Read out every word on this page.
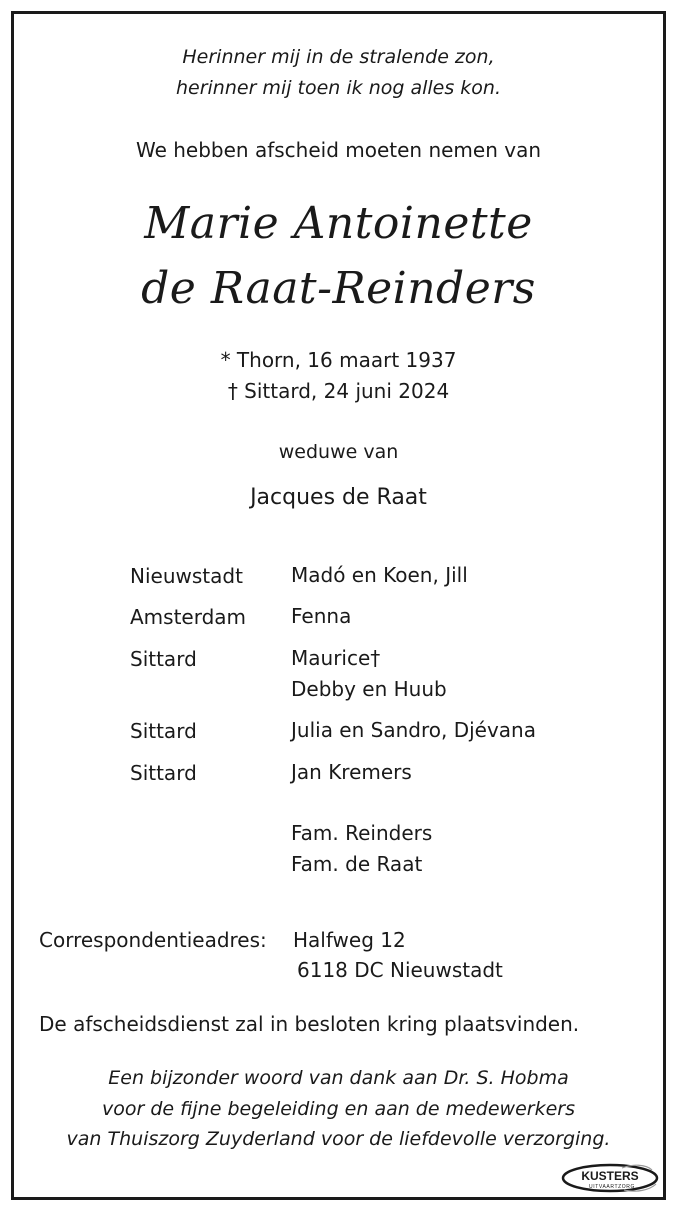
Herinner mij in de stralende zon,
herinner mij toen ik nog alles kon.
We hebben afscheid moeten nemen van
Marie Antoinette
de Raat-Reinders
* Thorn, 16 maart 1937
† Sittard, 24 juni 2024
weduwe van
Jacques de Raat
Nieuwstadt Madó en Koen, Jill
Amsterdam Fenna
Sittard	Maurice†
Debby en Huub
Sittard	Julia en Sandro, Djévana
Sittard	Jan Kremers
Fam. Reinders
Fam. de Raat
Correspondentieadres: Halfweg 12
6118 DC Nieuwstadt
De afscheidsdienst zal in besloten kring plaatsvinden.
Een bijzonder woord van dank aan Dr. S. Hobma
voor de fijne begeleiding en aan de medewerkers
van Thuiszorg Zuyderland voor de liefdevolle verzorging.
KUSTERS
UITVAARTZORG
